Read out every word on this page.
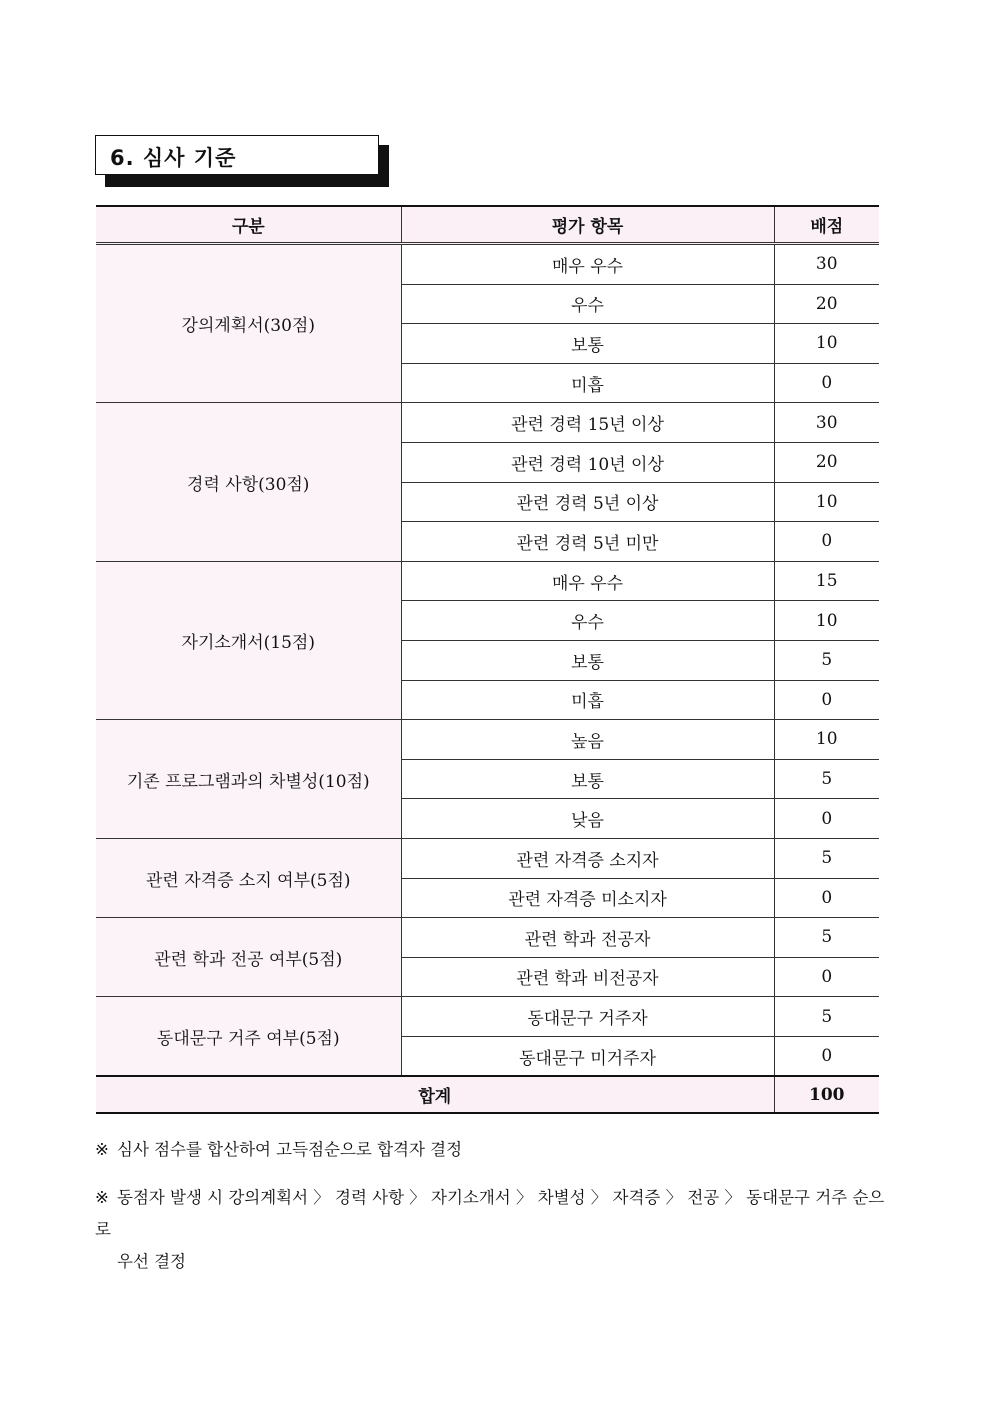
6. 심사 기준
구분	평가 항목	배점
강의계획서(30점)	매우 우수	30
	우수	20
	보통	10
	미흡	0
경력 사항(30점)	관련 경력 15년 이상	30
	관련 경력 10년 이상	20
	관련 경력 5년 이상	10
	관련 경력 5년 미만	0
자기소개서(15점)	매우 우수	15
	우수	10
	보통	5
	미흡	0
기존 프로그램과의 차별성(10점)	높음	10
	보통	5
	낮음	0
관련 자격증 소지 여부(5점)	관련 자격증 소지자	5
	관련 자격증 미소지자	0
관련 학과 전공 여부(5점)	관련 학과 전공자	5
	관련 학과 비전공자	0
동대문구 거주 여부(5점)	동대문구 거주자	5
	동대문구 미거주자	0
합계		100
※ 심사 점수를 합산하여 고득점순으로 합격자 결정
※ 동점자 발생 시 강의계획서 〉 경력 사항 〉 자기소개서 〉 차별성 〉 자격증 〉 전공 〉 동대문구 거주 순으로
우선 결정
